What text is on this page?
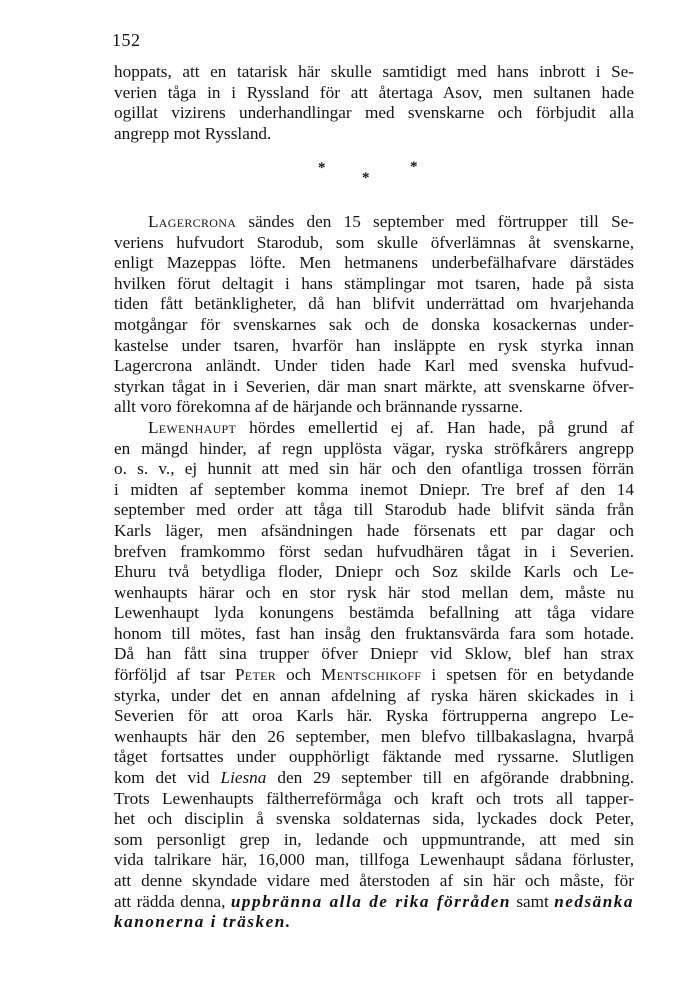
152
hoppats, att en tatarisk här skulle samtidigt med hans inbrott i Se-
verien tåga in i Ryssland för att återtaga Asov, men sultanen hade
ogillat vizirens underhandlingar med svenskarne och förbjudit alla
angrepp mot Ryssland.
*
*
*
Lagercrona sändes den 15 september med förtrupper till Se-
veriens hufvudort Starodub, som skulle öfverlämnas åt svenskarne,
enligt Mazeppas löfte. Men hetmanens underbefälhafvare därstädes
hvilken förut deltagit i hans stämplingar mot tsaren, hade på sista
tiden fått betänkligheter, då han blifvit underrättad om hvarjehanda
motgångar för svenskarnes sak och de donska kosackernas under-
kastelse under tsaren, hvarför han insläppte en rysk styrka innan
Lagercrona anländt. Under tiden hade Karl med svenska hufvud-
styrkan tågat in i Severien, där man snart märkte, att svenskarne öfver-
allt voro förekomna af de härjande och brännande ryssarne.
Lewenhaupt hördes emellertid ej af. Han hade, på grund af
en mängd hinder, af regn upplösta vägar, ryska ströfkårers angrepp
o. s. v., ej hunnit att med sin här och den ofantliga trossen förrän
i midten af september komma inemot Dniepr. Tre bref af den 14
september med order att tåga till Starodub hade blifvit sända från
Karls läger, men afsändningen hade försenats ett par dagar och
brefven framkommo först sedan hufvudhären tågat in i Severien.
Ehuru två betydliga floder, Dniepr och Soz skilde Karls och Le-
wenhaupts härar och en stor rysk här stod mellan dem, måste nu
Lewenhaupt lyda konungens bestämda befallning att tåga vidare
honom till mötes, fast han insåg den fruktansvärda fara som hotade.
Då han fått sina trupper öfver Dniepr vid Sklow, blef han strax
förföljd af tsar Peter och Mentschikoff i spetsen för en betydande
styrka, under det en annan afdelning af ryska hären skickades in i
Severien för att oroa Karls här. Ryska förtrupperna angrepo Le-
wenhaupts här den 26 september, men blefvo tillbakaslagna, hvarpå
tåget fortsattes under oupphörligt fäktande med ryssarne. Slutligen
kom det vid Liesna den 29 september till en afgörande drabbning.
Trots Lewenhaupts fältherreförmåga och kraft och trots all tapper-
het och disciplin å svenska soldaternas sida, lyckades dock Peter,
som personligt grep in, ledande och uppmuntrande, att med sin
vida talrikare här, 16,000 man, tillfoga Lewenhaupt sådana förluster,
att denne skyndade vidare med återstoden af sin här och måste, för
att rädda denna, uppbränna alla de rika förråden samt nedsänka
kanonerna i träsken.
